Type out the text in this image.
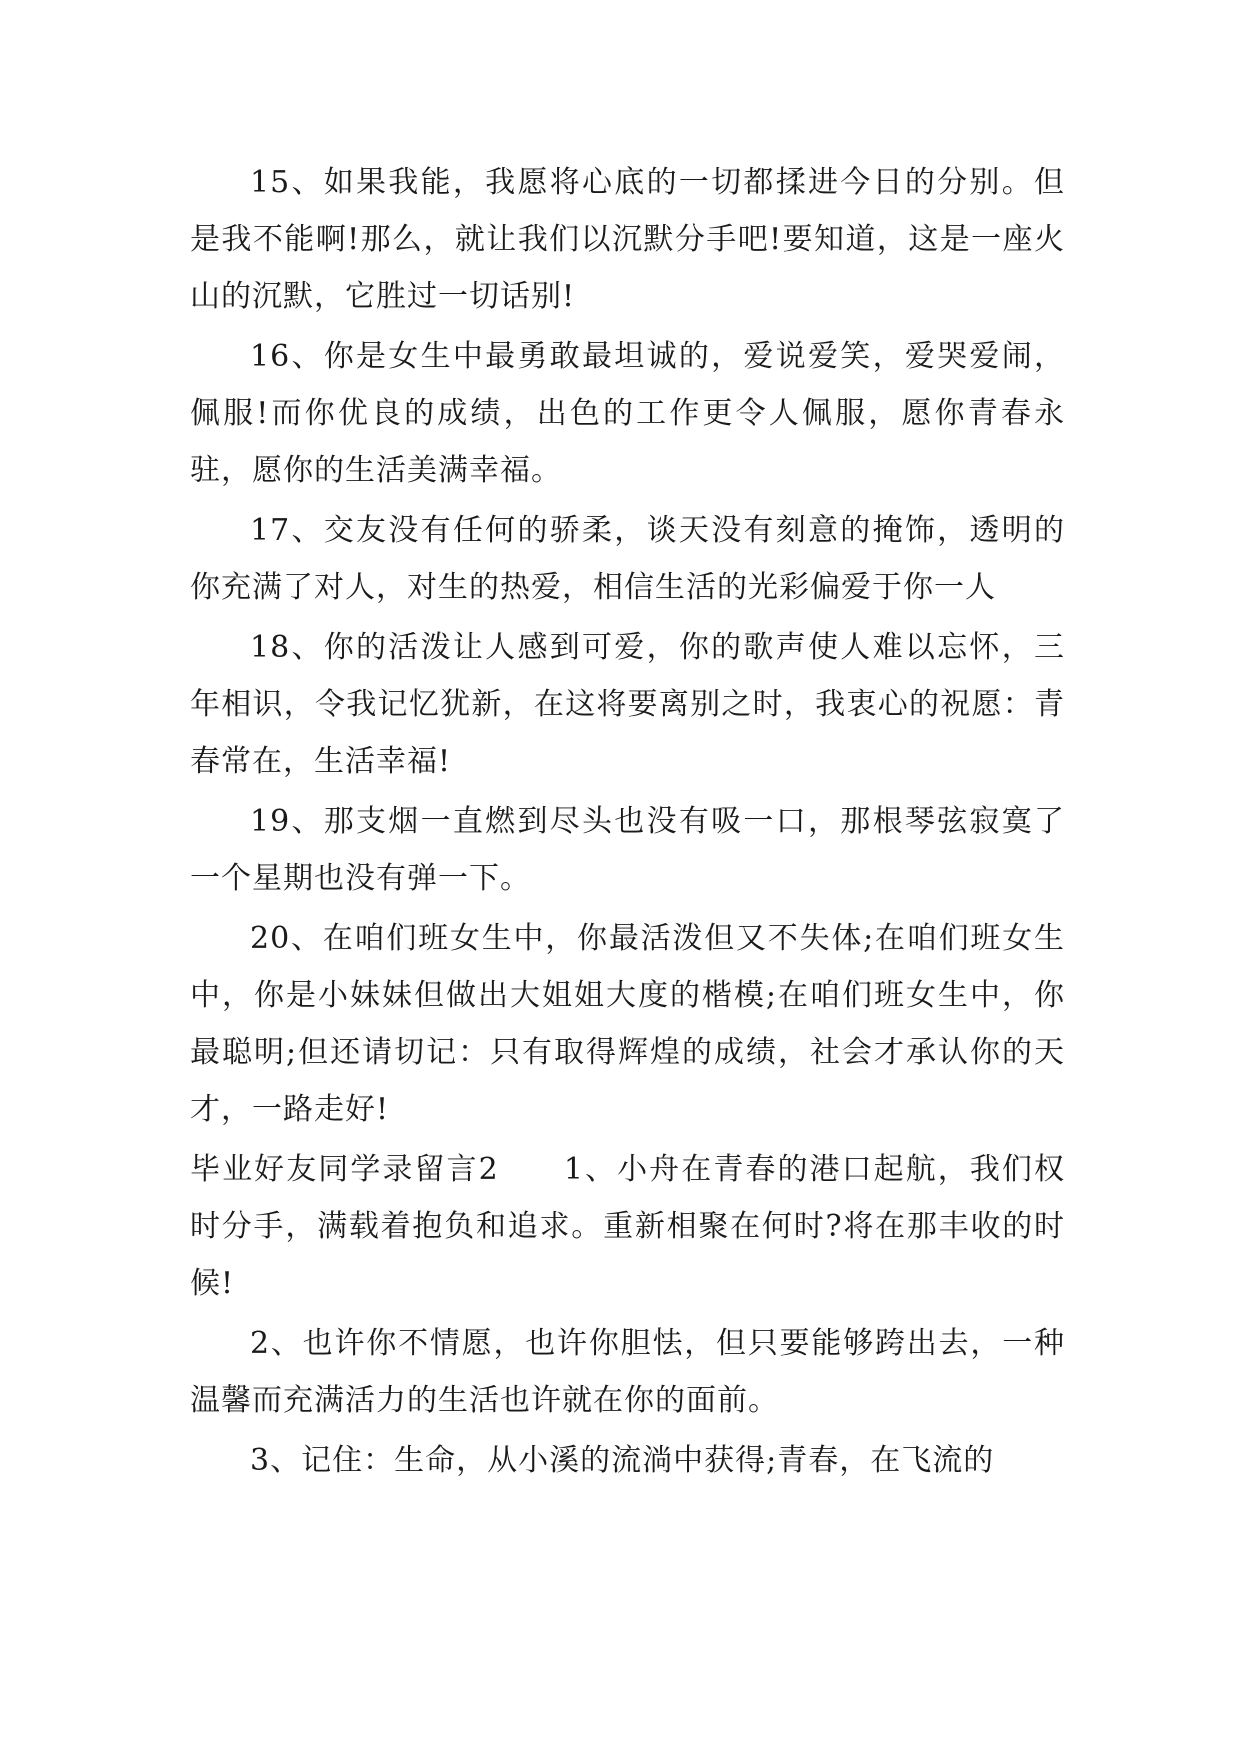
15、如果我能，我愿将心底的一切都揉进今日的分别。但是我不能啊!那么，就让我们以沉默分手吧!要知道，这是一座火山的沉默，它胜过一切话别!

16、你是女生中最勇敢最坦诚的，爱说爱笑，爱哭爱闹，佩服!而你优良的成绩，出色的工作更令人佩服，愿你青春永驻，愿你的生活美满幸福。

17、交友没有任何的骄柔，谈天没有刻意的掩饰，透明的你充满了对人，对生的热爱，相信生活的光彩偏爱于你一人

18、你的活泼让人感到可爱，你的歌声使人难以忘怀，三年相识，令我记忆犹新，在这将要离别之时，我衷心的祝愿：青春常在，生活幸福!

19、那支烟一直燃到尽头也没有吸一口，那根琴弦寂寞了一个星期也没有弹一下。

20、在咱们班女生中，你最活泼但又不失体;在咱们班女生中，你是小妹妹但做出大姐姐大度的楷模;在咱们班女生中，你最聪明;但还请切记：只有取得辉煌的成绩，社会才承认你的天才，一路走好!

毕业好友同学录留言2　　1、小舟在青春的港口起航，我们权时分手，满载着抱负和追求。重新相聚在何时?将在那丰收的时候!

2、也许你不情愿，也许你胆怯，但只要能够跨出去，一种温馨而充满活力的生活也许就在你的面前。

3、记住：生命，从小溪的流淌中获得;青春，在飞流的
